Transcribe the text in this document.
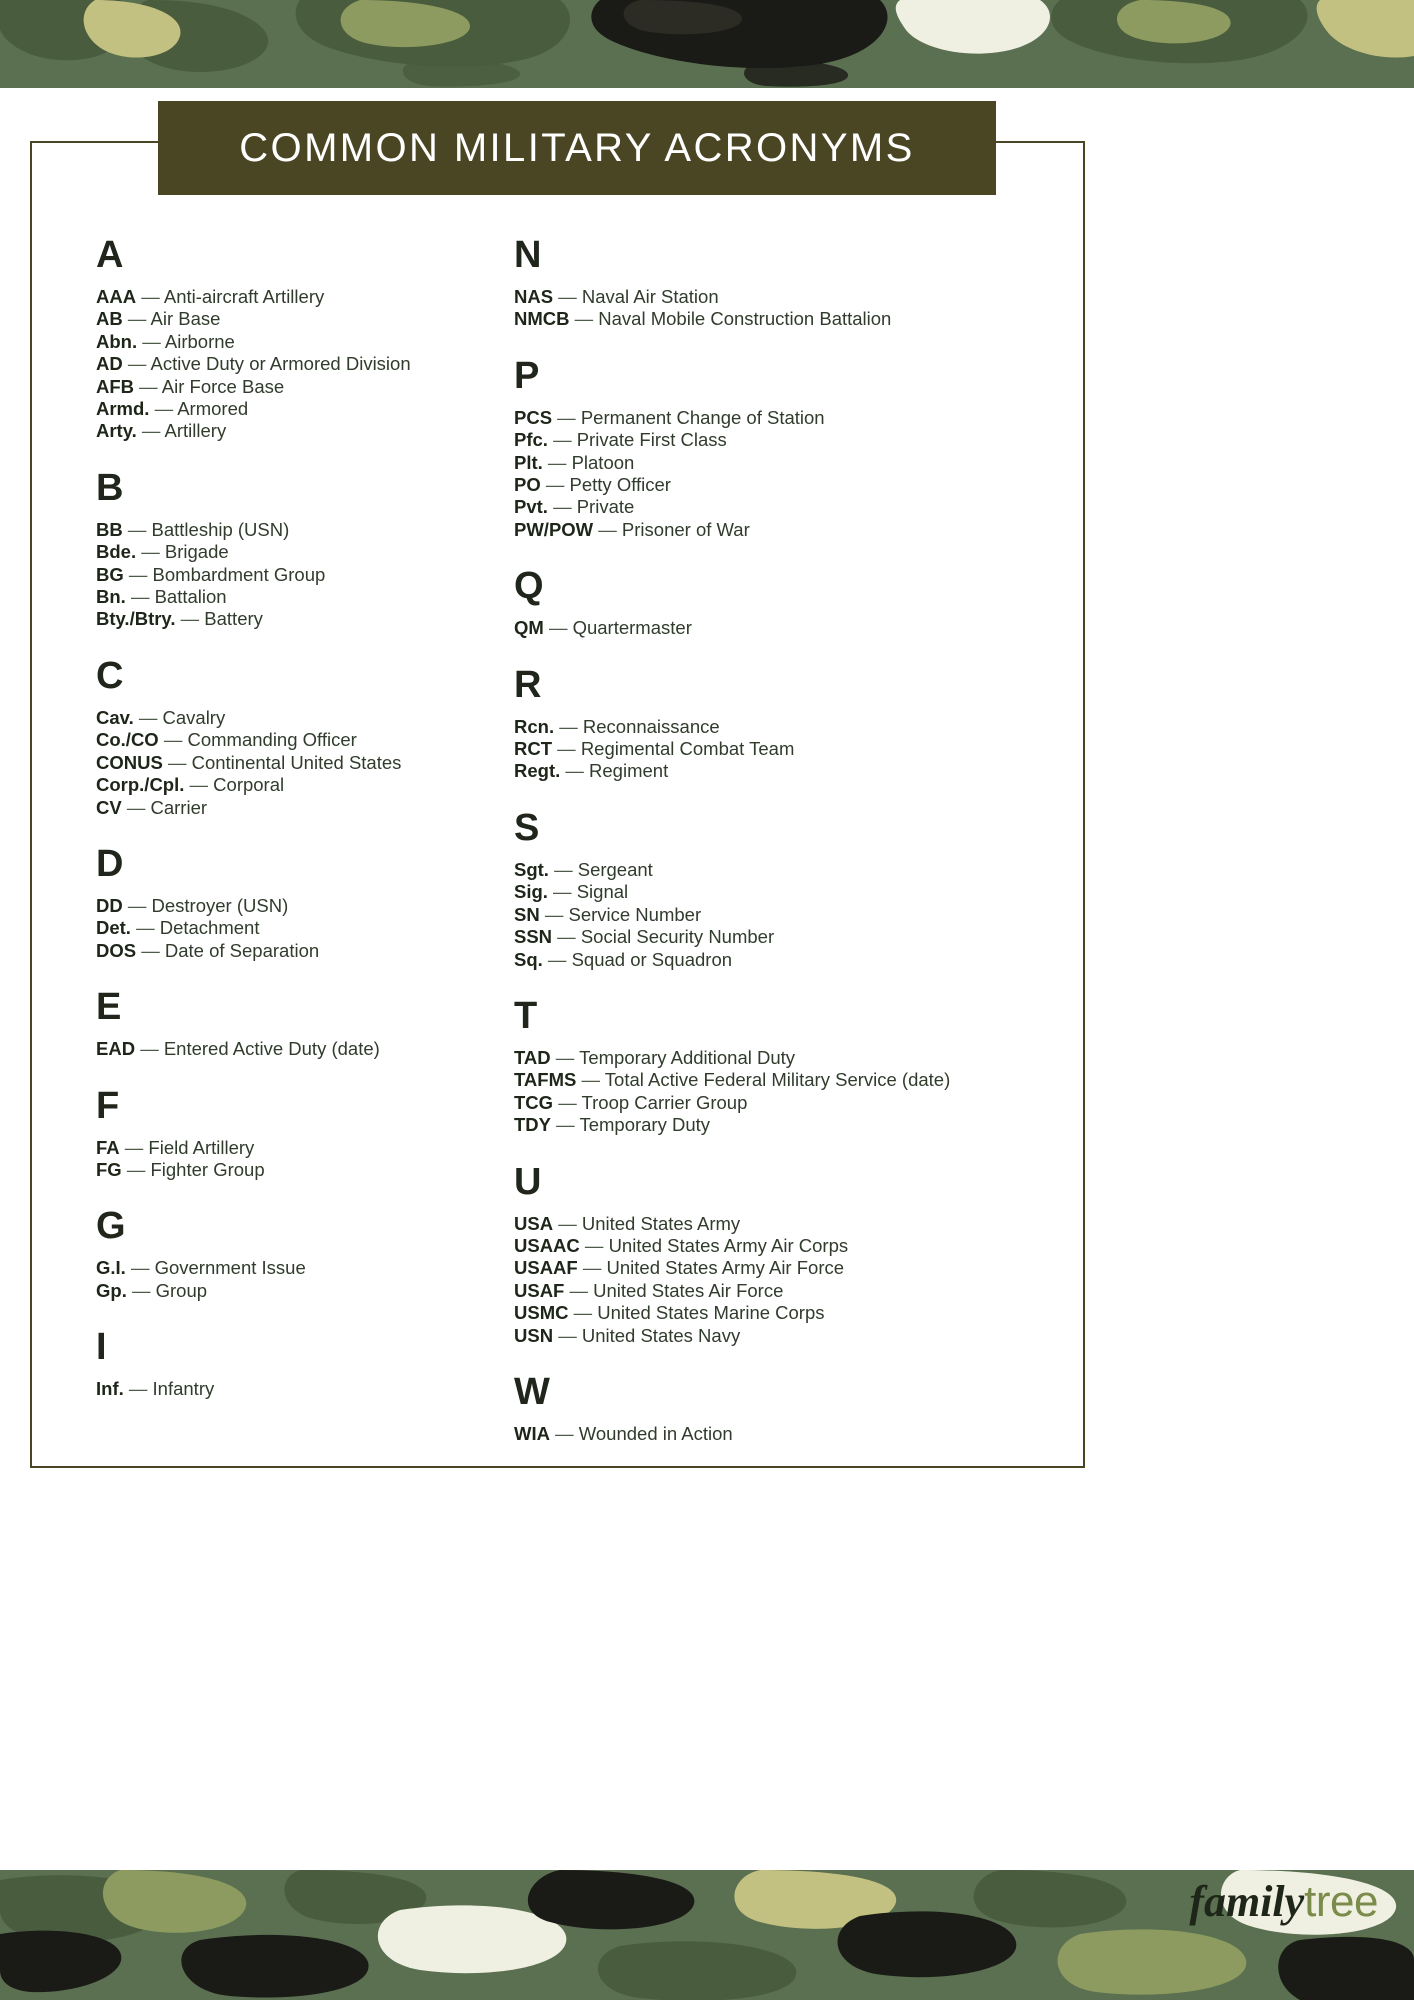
COMMON MILITARY ACRONYMS
A
AAA — Anti-aircraft Artillery
AB — Air Base
Abn. — Airborne
AD — Active Duty or Armored Division
AFB — Air Force Base
Armd. — Armored
Arty. — Artillery
B
BB — Battleship (USN)
Bde. — Brigade
BG — Bombardment Group
Bn. — Battalion
Bty./Btry. — Battery
C
Cav. — Cavalry
Co./CO — Commanding Officer
CONUS — Continental United States
Corp./Cpl. — Corporal
CV — Carrier
D
DD — Destroyer (USN)
Det. — Detachment
DOS — Date of Separation
E
EAD — Entered Active Duty (date)
F
FA — Field Artillery
FG — Fighter Group
G
G.I. — Government Issue
Gp. — Group
I
Inf. — Infantry
N
NAS — Naval Air Station
NMCB — Naval Mobile Construction Battalion
P
PCS — Permanent Change of Station
Pfc. — Private First Class
Plt. — Platoon
PO — Petty Officer
Pvt. — Private
PW/POW — Prisoner of War
Q
QM — Quartermaster
R
Rcn. — Reconnaissance
RCT — Regimental Combat Team
Regt. — Regiment
S
Sgt. — Sergeant
Sig. — Signal
SN — Service Number
SSN — Social Security Number
Sq. — Squad or Squadron
T
TAD — Temporary Additional Duty
TAFMS — Total Active Federal Military Service (date)
TCG — Troop Carrier Group
TDY — Temporary Duty
U
USA — United States Army
USAAC — United States Army Air Corps
USAAF — United States Army Air Force
USAF — United States Air Force
USMC — United States Marine Corps
USN — United States Navy
W
WIA — Wounded in Action
family tree
